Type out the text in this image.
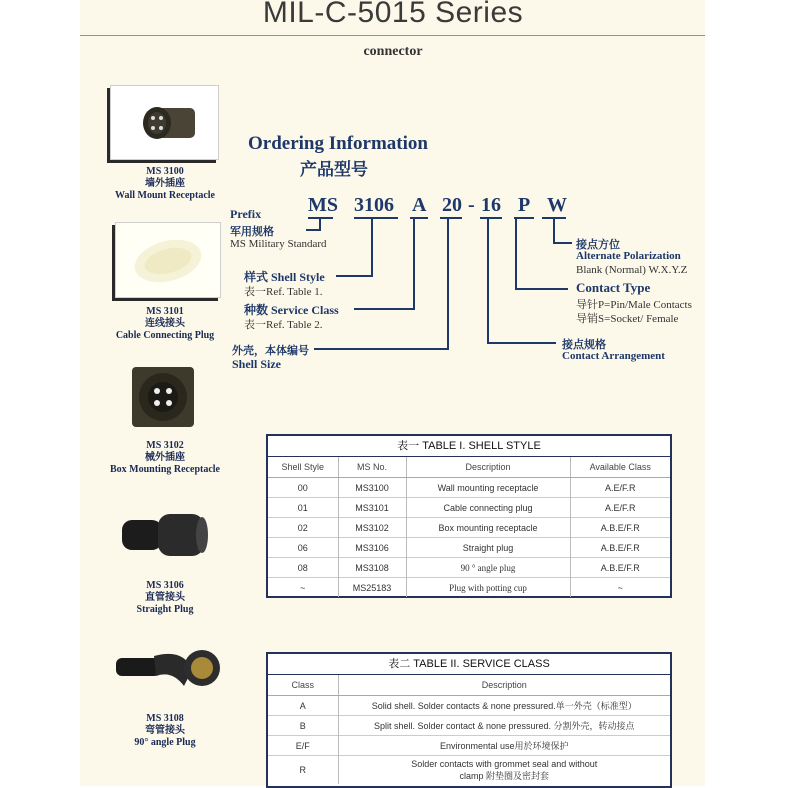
MIL-C-5015 Series
connector
MS 3100
墙外插座
Wall Mount Receptacle
MS 3101
连线接头
Cable Connecting Plug
MS 3102
械外插座
Box Mounting Receptacle
MS 3106
直管接头
Straight Plug
MS 3108
弯管接头
90° angle Plug
Ordering Information
产品型号
MS 3106 A 20 - 16 P W
Prefix
军用规格
MS Military Standard
样式 Shell Style
表一Ref. Table 1.
种数 Service Class
表一Ref. Table 2.
外壳，本体编号
Shell Size
接点方位
Alternate Polarization
Blank (Normal) W.X.Y.Z
Contact Type
导针P=Pin/Male Contacts
导销S=Socket/ Female
接点规格
Contact Arrangement
表一 TABLE I. SHELL STYLE
Shell Style	MS No.	Description	Available Class
00	MS3100	Wall mounting receptacle	A.E/F.R
01	MS3101	Cable connecting plug	A.E/F.R
02	MS3102	Box mounting receptacle	A.B.E/F.R
06	MS3106	Straight plug	A.B.E/F.R
08	MS3108	90 ° angle plug	A.B.E/F.R
~	MS25183	Plug with potting cup	~
表二 TABLE II. SERVICE CLASS
Class	Description
A	Solid shell. Solder contacts & none pressured.单一外壳（标准型）
B	Split shell. Solder contact & none pressured. 分割外壳，转动接点
E/F	Environmental use用於环境保护
R	Solder contacts with grommet seal and without clamp 附垫圈及密封套
